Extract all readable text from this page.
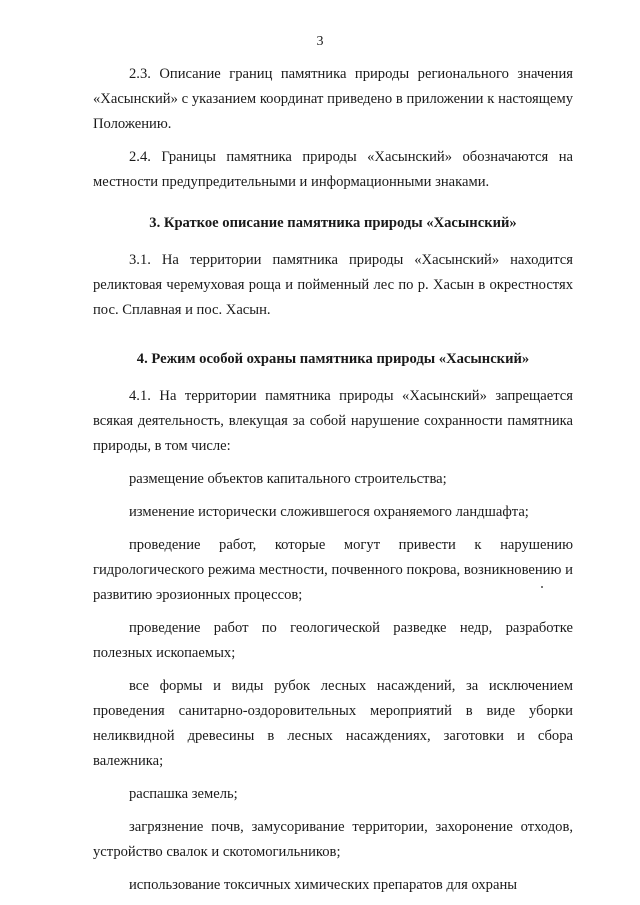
3

2.3. Описание границ памятника природы регионального значения «Хасынский» с указанием координат приведено в приложении к настоящему Положению.

2.4. Границы памятника природы «Хасынский» обозначаются на местности предупредительными и информационными знаками.

3. Краткое описание памятника природы «Хасынский»

3.1. На территории памятника природы «Хасынский» находится реликтовая черемуховая роща и пойменный лес по р. Хасын в окрестностях пос. Сплавная и пос. Хасын.

4. Режим особой охраны памятника природы «Хасынский»

4.1. На территории памятника природы «Хасынский» запрещается всякая деятельность, влекущая за собой нарушение сохранности памятника природы, в том числе:

размещение объектов капитального строительства;

изменение исторически сложившегося охраняемого ландшафта;

проведение работ, которые могут привести к нарушению гидрологического режима местности, почвенного покрова, возникновению и развитию эрозионных процессов;

проведение работ по геологической разведке недр, разработке полезных ископаемых;

все формы и виды рубок лесных насаждений, за исключением проведения санитарно-оздоровительных мероприятий в виде уборки неликвидной древесины в лесных насаждениях, заготовки и сбора валежника;

распашка земель;

загрязнение почв, замусоривание территории, захоронение отходов, устройство свалок и скотомогильников;

использование токсичных химических препаратов для охраны
